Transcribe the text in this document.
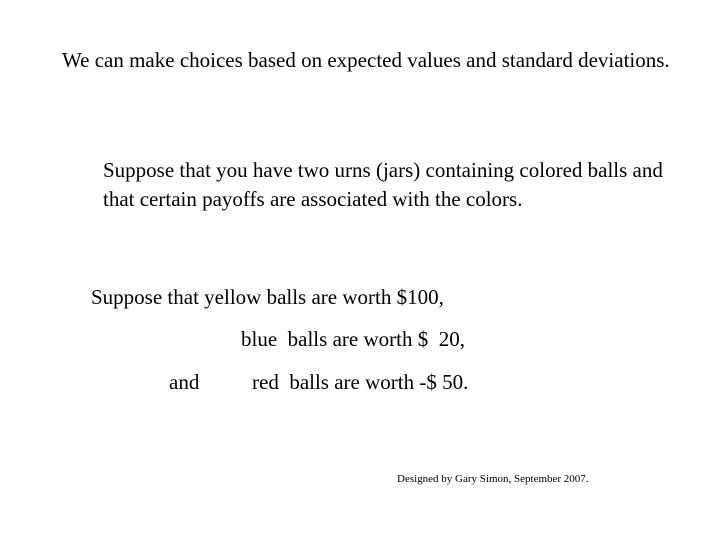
We can make choices based on expected values and standard deviations.

Suppose that you have two urns (jars) containing colored balls and that certain payoffs are associated with the colors.

Suppose that yellow balls are worth $100,

blue  balls are worth $  20,

and	red  balls are worth -$ 50.

Designed by Gary Simon, September 2007.
